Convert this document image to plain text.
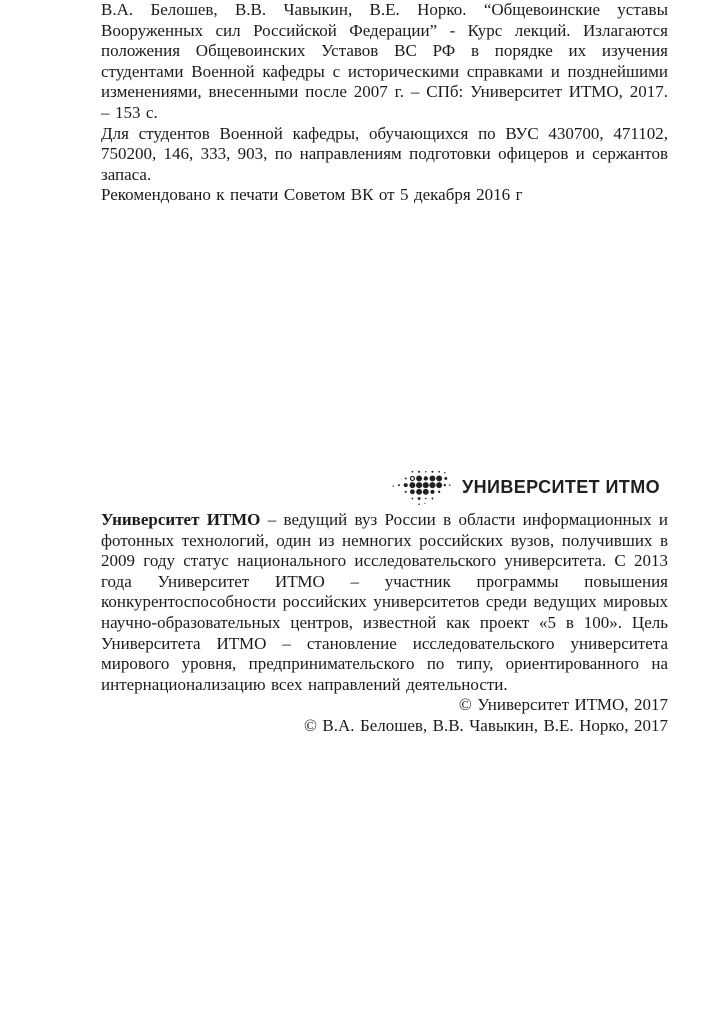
В.А. Белошев, В.В. Чавыкин, В.Е. Норко. “Общевоинские уставы Вооруженных сил Российской Федерации” - Курс лекций. Излагаются положения Общевоинских Уставов ВС РФ в порядке их изучения студентами Военной кафедры с историческими справками и позднейшими изменениями, внесенными после 2007 г. – СПб: Университет ИТМО, 2017. – 153 с.

Для студентов Военной кафедры, обучающихся по ВУС 430700, 471102, 750200, 146, 333, 903, по направлениям подготовки офицеров и сержантов запаса.

Рекомендовано к печати Советом ВК от 5 декабря 2016 г

УНИВЕРСИТЕТ ИТМО

Университет ИТМО – ведущий вуз России в области информационных и фотонных технологий, один из немногих российских вузов, получивших в 2009 году статус национального исследовательского университета. С 2013 года Университет ИТМО – участник программы повышения конкурентоспособности российских университетов среди ведущих мировых научно-образовательных центров, известной как проект «5 в 100». Цель Университета ИТМО – становление исследовательского университета мирового уровня, предпринимательского по типу, ориентированного на интернационализацию всех направлений деятельности.

© Университет ИТМО, 2017

© В.А. Белошев, В.В. Чавыкин, В.Е. Норко, 2017
